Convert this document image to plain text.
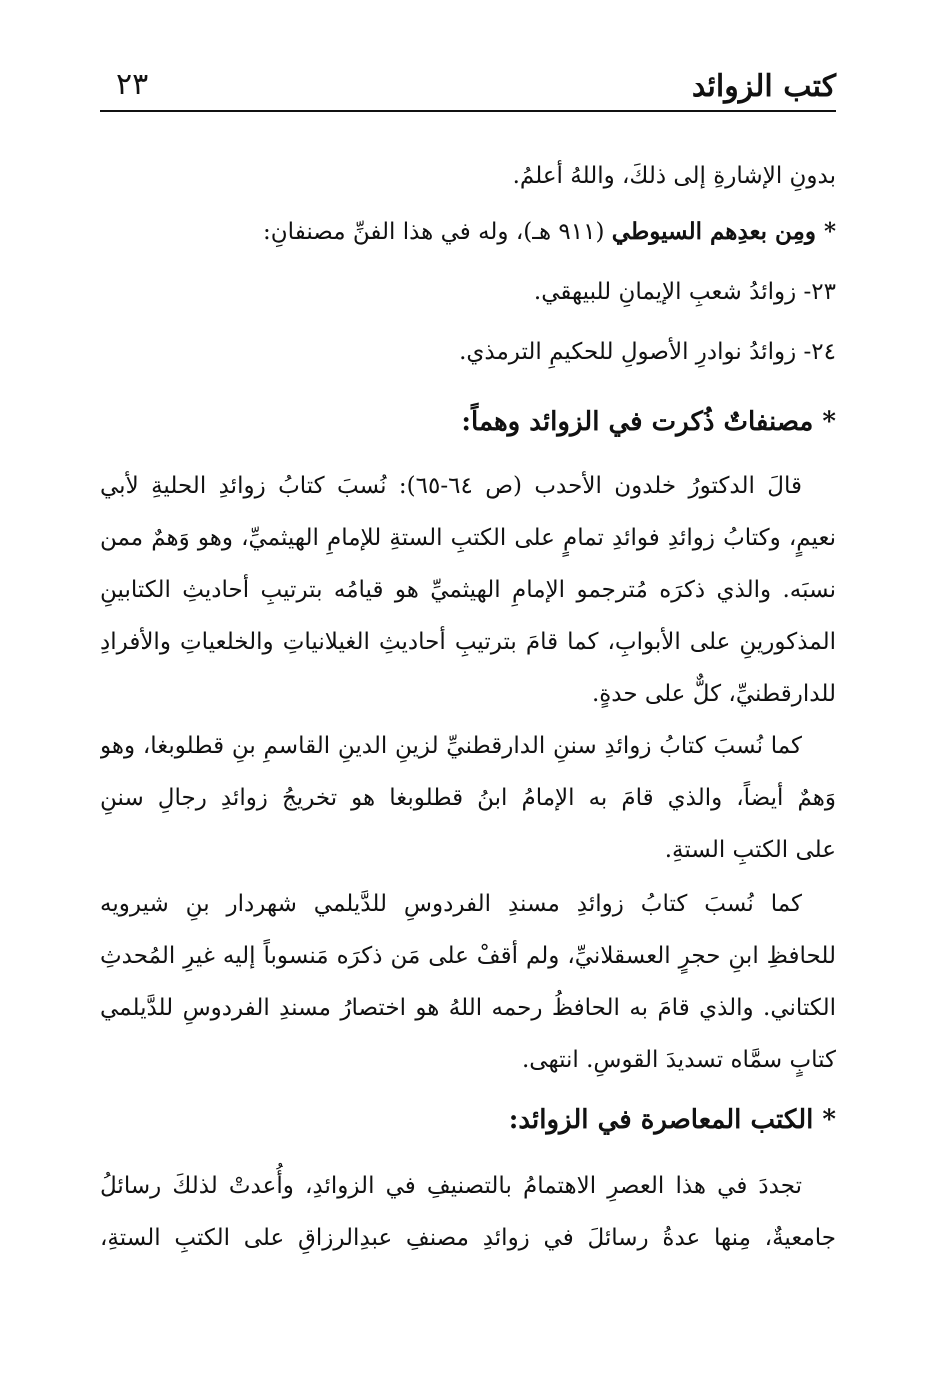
كتب الزوائد
٢٣
بدونِ الإشارةِ إلى ذلكَ، واللهُ أعلمُ.
* ومِن بعدِهم السيوطي (٩١١ هـ)، وله في هذا الفنِّ مصنفانِ:
٢٣- زوائدُ شعبِ الإيمانِ للبيهقي.
٢٤- زوائدُ نوادرِ الأصولِ للحكيمِ الترمذي.
* مصنفاتٌ ذُكرت في الزوائد وهماً:
قالَ الدكتورُ خلدون الأحدب (ص ٦٤-٦٥): نُسبَ كتابُ زوائدِ الحليةِ لأبي
نعيمٍ، وكتابُ زوائدِ فوائدِ تمامٍ على الكتبِ الستةِ للإمامِ الهيثميِّ، وهو وَهمٌ ممن
نسبَه. والذي ذكرَه مُترجمو الإمامِ الهيثميِّ هو قيامُه بترتيبِ أحاديثِ الكتابينِ
المذكورينِ على الأبوابِ، كما قامَ بترتيبِ أحاديثِ الغيلانياتِ والخلعياتِ والأفرادِ
للدارقطنيِّ، كلٌّ على حدةٍ.
كما نُسبَ كتابُ زوائدِ سننِ الدارقطنيِّ لزينِ الدينِ القاسمِ بنِ قطلوبغا، وهو
وَهمٌ أيضاً، والذي قامَ به الإمامُ ابنُ قطلوبغا هو تخريجُ زوائدِ رجالِ سننِ
على الكتبِ الستةِ.
كما نُسبَ كتابُ زوائدِ مسندِ الفردوسِ للدَّيلمي شهردار بنِ شيرويه
للحافظِ ابنِ حجرٍ العسقلانيِّ، ولم أقفْ على مَن ذكرَه مَنسوباً إليه غيرِ المُحدثِ
الكتاني. والذي قامَ به الحافظُ رحمه اللهُ هو اختصارُ مسندِ الفردوسِ للدَّيلمي
كتابٍ سمَّاه تسديدَ القوسِ. انتهى.
* الكتب المعاصرة في الزوائد:
تجددَ في هذا العصرِ الاهتمامُ بالتصنيفِ في الزوائدِ، وأُعدتْ لذلكَ رسائلُ
جامعيةٌ، مِنها عدةُ رسائلَ في زوائدِ مصنفِ عبدِالرزاقِ على الكتبِ الستةِ،
